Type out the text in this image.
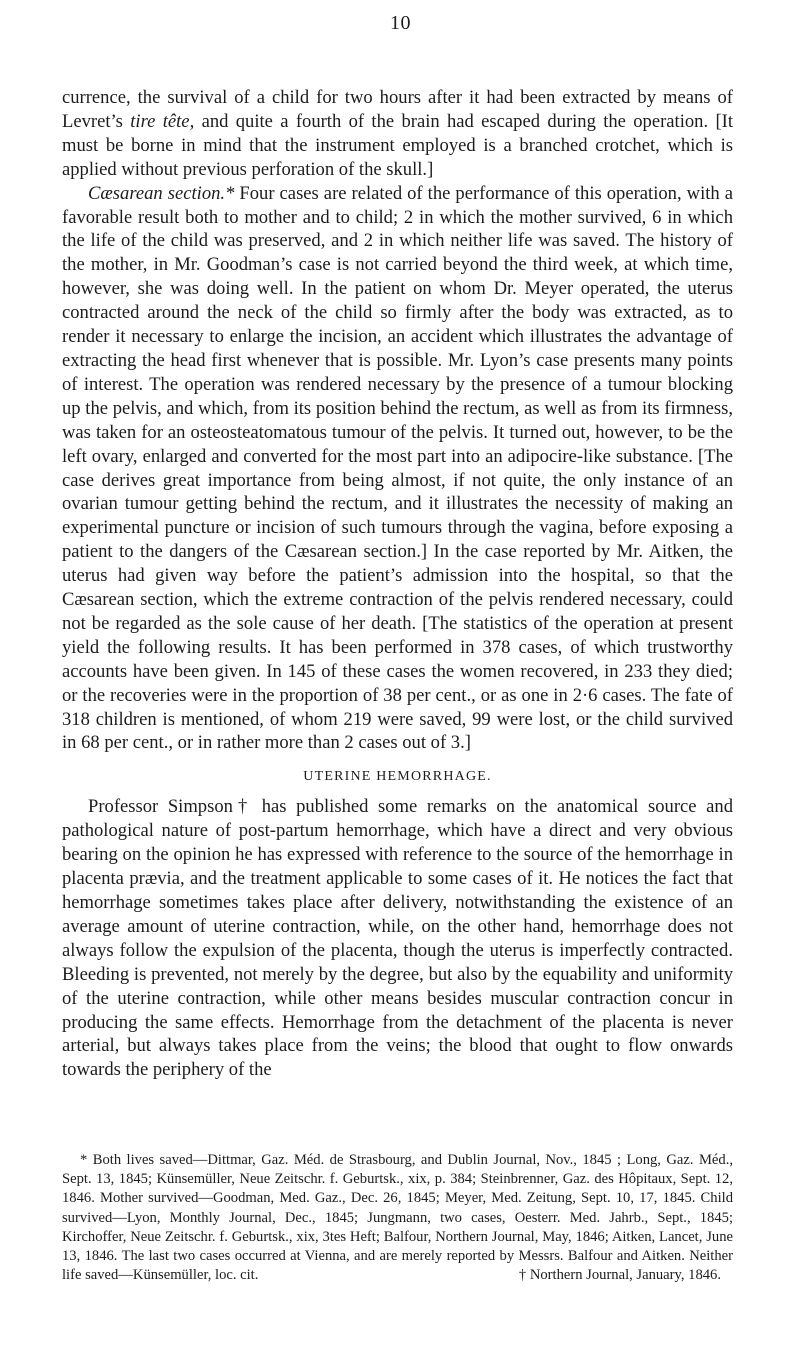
10

currence, the survival of a child for two hours after it had been extracted by means of Levret’s tire tête, and quite a fourth of the brain had escaped during the operation. [It must be borne in mind that the instrument employed is a branched crotchet, which is applied without previous perforation of the skull.]

Cæsarean section.* Four cases are related of the performance of this operation, with a favorable result both to mother and to child; 2 in which the mother survived, 6 in which the life of the child was preserved, and 2 in which neither life was saved. The history of the mother, in Mr. Goodman’s case is not carried beyond the third week, at which time, however, she was doing well. In the patient on whom Dr. Meyer operated, the uterus contracted around the neck of the child so firmly after the body was extracted, as to render it necessary to enlarge the incision, an accident which illustrates the advantage of extracting the head first whenever that is possible. Mr. Lyon’s case presents many points of interest. The operation was rendered necessary by the presence of a tumour blocking up the pelvis, and which, from its position behind the rectum, as well as from its firmness, was taken for an osteosteatomatous tumour of the pelvis. It turned out, however, to be the left ovary, enlarged and converted for the most part into an adipocire-like substance. [The case derives great importance from being almost, if not quite, the only instance of an ovarian tumour getting behind the rectum, and it illustrates the necessity of making an experimental puncture or incision of such tumours through the vagina, before exposing a patient to the dangers of the Cæsarean section.] In the case reported by Mr. Aitken, the uterus had given way before the patient’s admission into the hospital, so that the Cæsarean section, which the extreme contraction of the pelvis rendered necessary, could not be regarded as the sole cause of her death. [The statistics of the operation at present yield the following results. It has been performed in 378 cases, of which trustworthy accounts have been given. In 145 of these cases the women recovered, in 233 they died; or the recoveries were in the proportion of 38 per cent., or as one in 2·6 cases. The fate of 318 children is mentioned, of whom 219 were saved, 99 were lost, or the child survived in 68 per cent., or in rather more than 2 cases out of 3.]

UTERINE HEMORRHAGE.

Professor Simpson† has published some remarks on the anatomical source and pathological nature of post-partum hemorrhage, which have a direct and very obvious bearing on the opinion he has expressed with reference to the source of the hemorrhage in placenta prævia, and the treatment applicable to some cases of it. He notices the fact that hemorrhage sometimes takes place after delivery, notwithstanding the existence of an average amount of uterine contraction, while, on the other hand, hemorrhage does not always follow the expulsion of the placenta, though the uterus is imperfectly contracted. Bleeding is prevented, not merely by the degree, but also by the equability and uniformity of the uterine contraction, while other means besides muscular contraction concur in producing the same effects. Hemorrhage from the detachment of the placenta is never arterial, but always takes place from the veins; the blood that ought to flow onwards towards the periphery of the

* Both lives saved—Dittmar, Gaz. Méd. de Strasbourg, and Dublin Journal, Nov., 1845 ; Long, Gaz. Méd., Sept. 13, 1845; Künsemüller, Neue Zeitschr. f. Geburtsk., xix, p. 384; Steinbrenner, Gaz. des Hôpitaux, Sept. 12, 1846. Mother survived—Goodman, Med. Gaz., Dec. 26, 1845; Meyer, Med. Zeitung, Sept. 10, 17, 1845. Child survived—Lyon, Monthly Journal, Dec., 1845; Jungmann, two cases, Oesterr. Med. Jahrb., Sept., 1845; Kirchoffer, Neue Zeitschr. f. Geburtsk., xix, 3tes Heft; Balfour, Northern Journal, May, 1846; Aitken, Lancet, June 13, 1846. The last two cases occurred at Vienna, and are merely reported by Messrs. Balfour and Aitken. Neither life saved—Künsemüller, loc. cit.	† Northern Journal, January, 1846.
